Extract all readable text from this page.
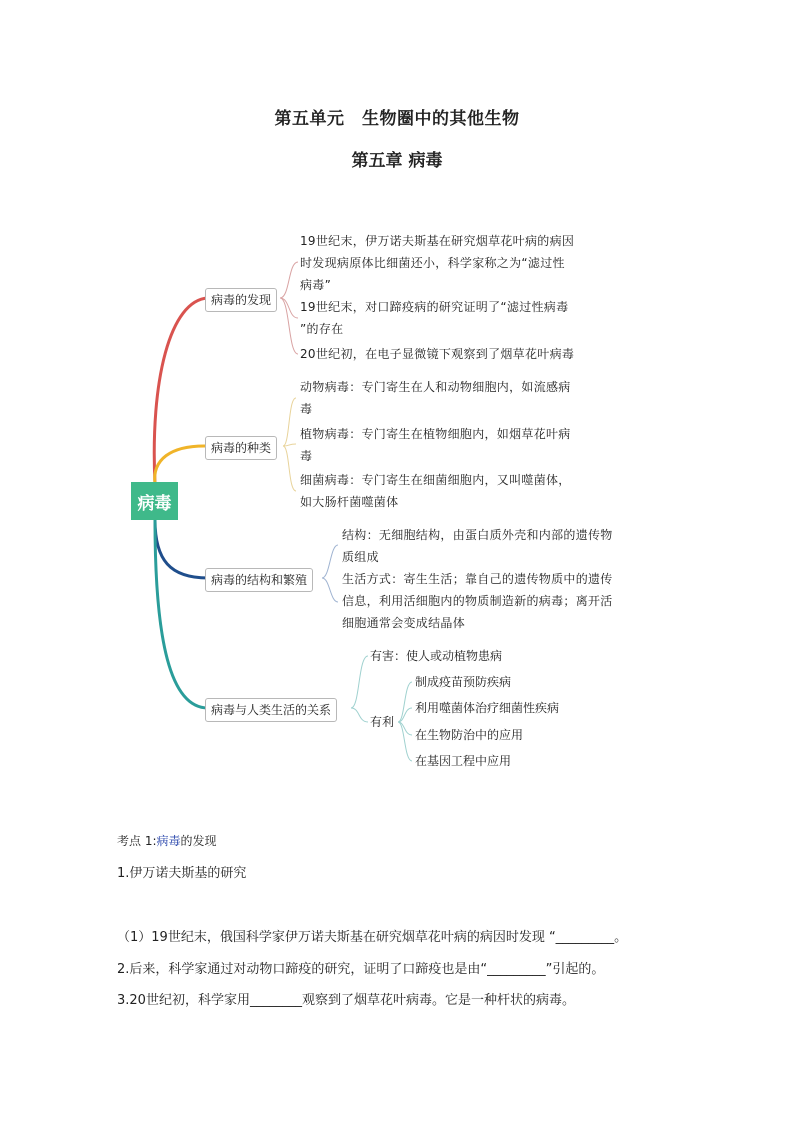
第五单元　生物圈中的其他生物
第五章 病毒
病毒
病毒的发现
病毒的种类
病毒的结构和繁殖
病毒与人类生活的关系
19世纪末，伊万诺夫斯基在研究烟草花叶病的病因
时发现病原体比细菌还小，科学家称之为“滤过性
病毒”
19世纪末，对口蹄疫病的研究证明了“滤过性病毒
”的存在
20世纪初，在电子显微镜下观察到了烟草花叶病毒
动物病毒：专门寄生在人和动物细胞内，如流感病
毒
植物病毒：专门寄生在植物细胞内，如烟草花叶病
毒
细菌病毒：专门寄生在细菌细胞内，又叫噬菌体，
如大肠杆菌噬菌体
结构：无细胞结构，由蛋白质外壳和内部的遗传物
质组成
生活方式：寄生生活；靠自己的遗传物质中的遗传
信息，利用活细胞内的物质制造新的病毒；离开活
细胞通常会变成结晶体
有害：使人或动植物患病
有利
制成疫苗预防疾病
利用噬菌体治疗细菌性疾病
在生物防治中的应用
在基因工程中应用
考点 1:病毒的发现
1.伊万诺夫斯基的研究
（1）19世纪末，俄国科学家伊万诺夫斯基在研究烟草花叶病的病因时发现 “_________。
2.后来，科学家通过对动物口蹄疫的研究，证明了口蹄疫也是由“_________”引起的。
3.20世纪初，科学家用________观察到了烟草花叶病毒。它是一种杆状的病毒。
